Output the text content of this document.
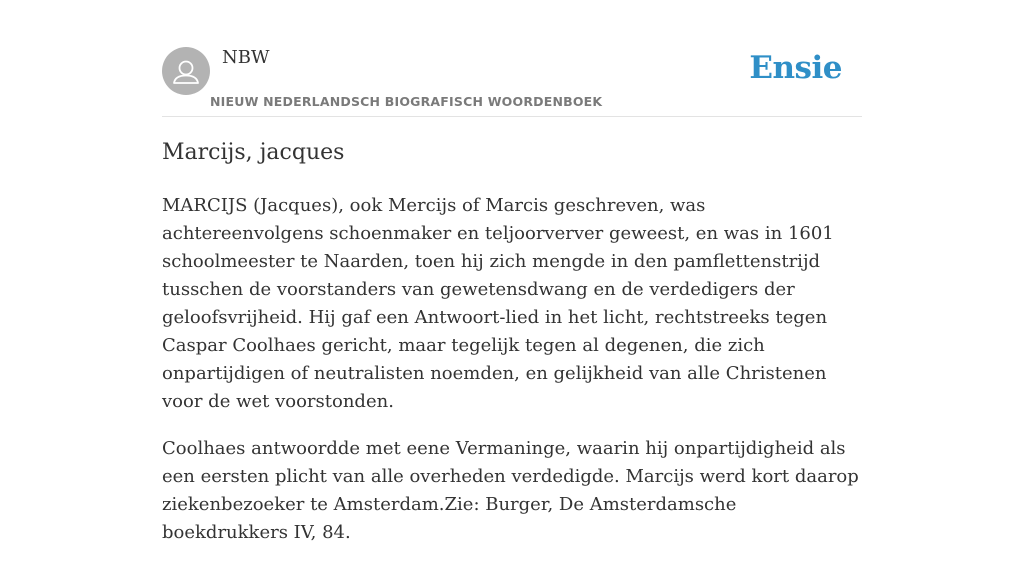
NBW
NIEUW NEDERLANDSCH BIOGRAFISCH WOORDENBOEK
Ensie
Marcijs, jacques

MARCIJS (Jacques), ook Mercijs of Marcis geschreven, was achtereenvolgens schoenmaker en teljoorverver geweest, en was in 1601 schoolmeester te Naarden, toen hij zich mengde in den pamflettenstrijd tusschen de voorstanders van gewetensdwang en de verdedigers der geloofsvrijheid. Hij gaf een Antwoort-lied in het licht, rechtstreeks tegen Caspar Coolhaes gericht, maar tegelijk tegen al degenen, die zich onpartijdigen of neutralisten noemden, en gelijkheid van alle Christenen voor de wet voorstonden.

Coolhaes antwoordde met eene Vermaninge, waarin hij onpartijdigheid als een eersten plicht van alle overheden verdedigde. Marcijs werd kort daarop ziekenbezoeker te Amsterdam.Zie: Burger, De Amsterdamsche boekdrukkers IV, 84.
